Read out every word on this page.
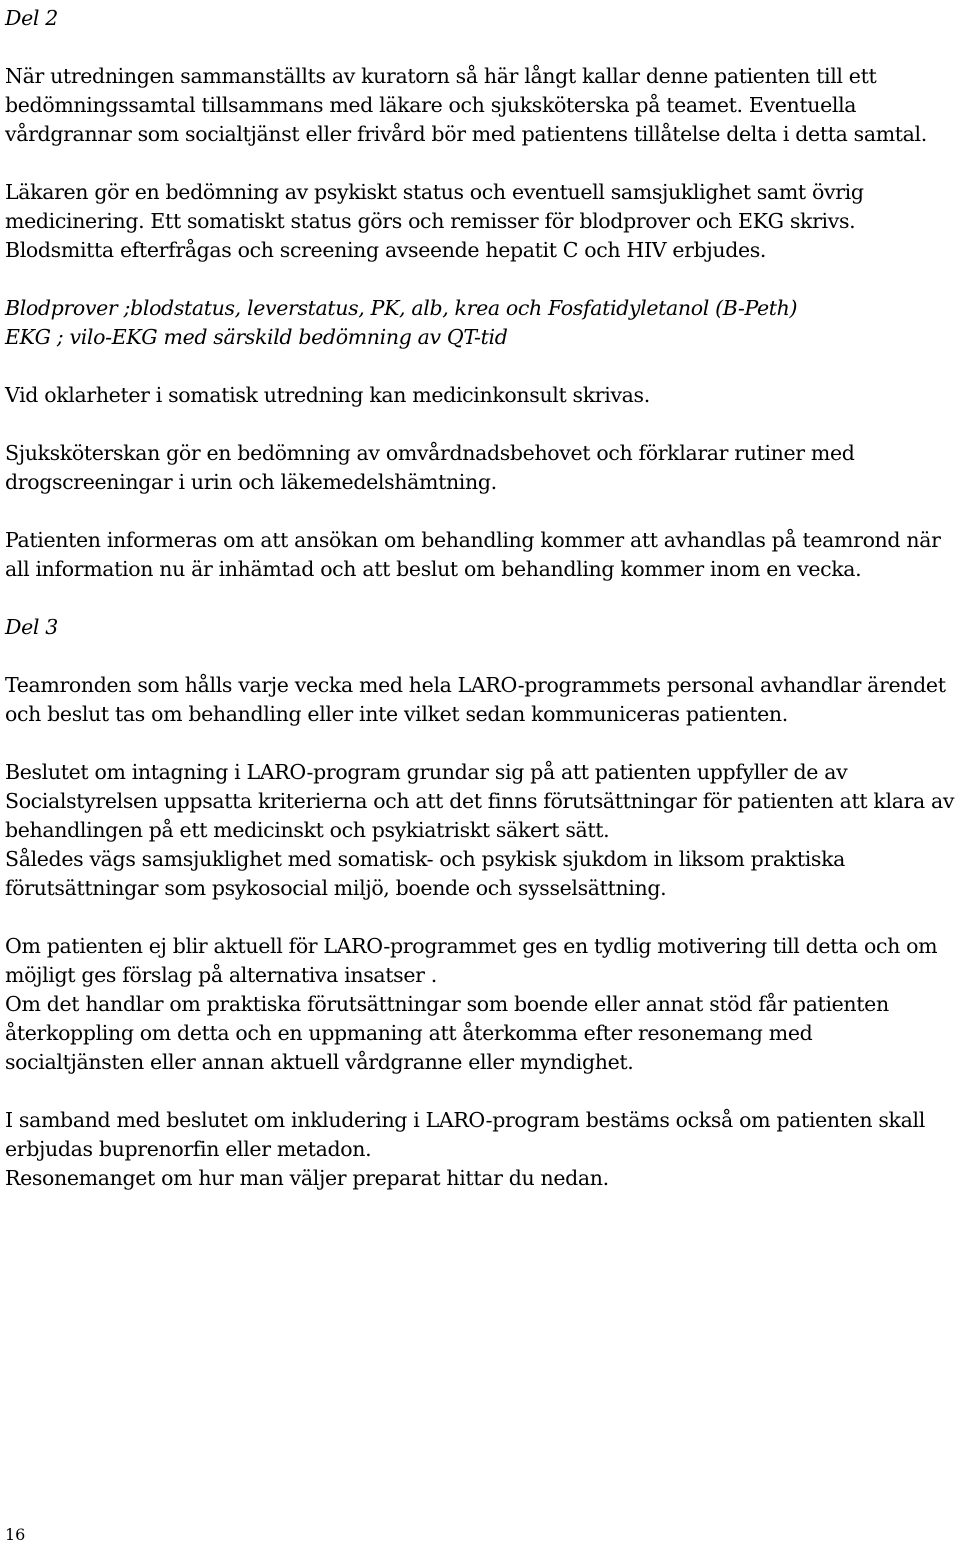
Del 2

När utredningen sammanställts av kuratorn så här långt kallar denne patienten till ett bedömningssamtal tillsammans med läkare och sjuksköterska på teamet. Eventuella vårdgrannar som socialtjänst eller frivård bör med patientens tillåtelse delta i detta samtal.

Läkaren gör en bedömning av psykiskt status och eventuell samsjuklighet samt övrig medicinering. Ett somatiskt status görs och remisser för blodprover och EKG skrivs. Blodsmitta efterfrågas och screening avseende hepatit C och HIV erbjudes.

Blodprover ;blodstatus, leverstatus, PK, alb, krea och Fosfatidyletanol (B-Peth)
EKG ; vilo-EKG med särskild bedömning av QT-tid

Vid oklarheter i somatisk utredning kan medicinkonsult skrivas.

Sjuksköterskan gör en bedömning av omvårdnadsbehovet och förklarar rutiner med drogscreeningar i urin och läkemedelshämtning.

Patienten informeras om att ansökan om behandling kommer att avhandlas på teamrond när all information nu är inhämtad och att beslut om behandling kommer inom en vecka.

Del 3

Teamronden som hålls varje vecka med hela LARO-programmets personal avhandlar ärendet och beslut tas om behandling eller inte vilket sedan kommuniceras patienten.

Beslutet om intagning i LARO-program grundar sig på att patienten uppfyller de av Socialstyrelsen uppsatta kriterierna och att det finns förutsättningar för patienten att klara av behandlingen på ett medicinskt och psykiatriskt säkert sätt.
Således vägs samsjuklighet med somatisk- och psykisk sjukdom in liksom praktiska förutsättningar som psykosocial miljö, boende och sysselsättning.

Om patienten ej blir aktuell för LARO-programmet ges en tydlig motivering till detta och om möjligt ges förslag på alternativa insatser .
Om det handlar om praktiska förutsättningar som boende eller annat stöd får patienten återkoppling om detta och en uppmaning att återkomma efter resonemang med socialtjänsten eller annan aktuell vårdgranne eller myndighet.

I samband med beslutet om inkludering i LARO-program bestäms också om patienten skall erbjudas buprenorfin eller metadon.
Resonemanget om hur man väljer preparat hittar du nedan.

16
